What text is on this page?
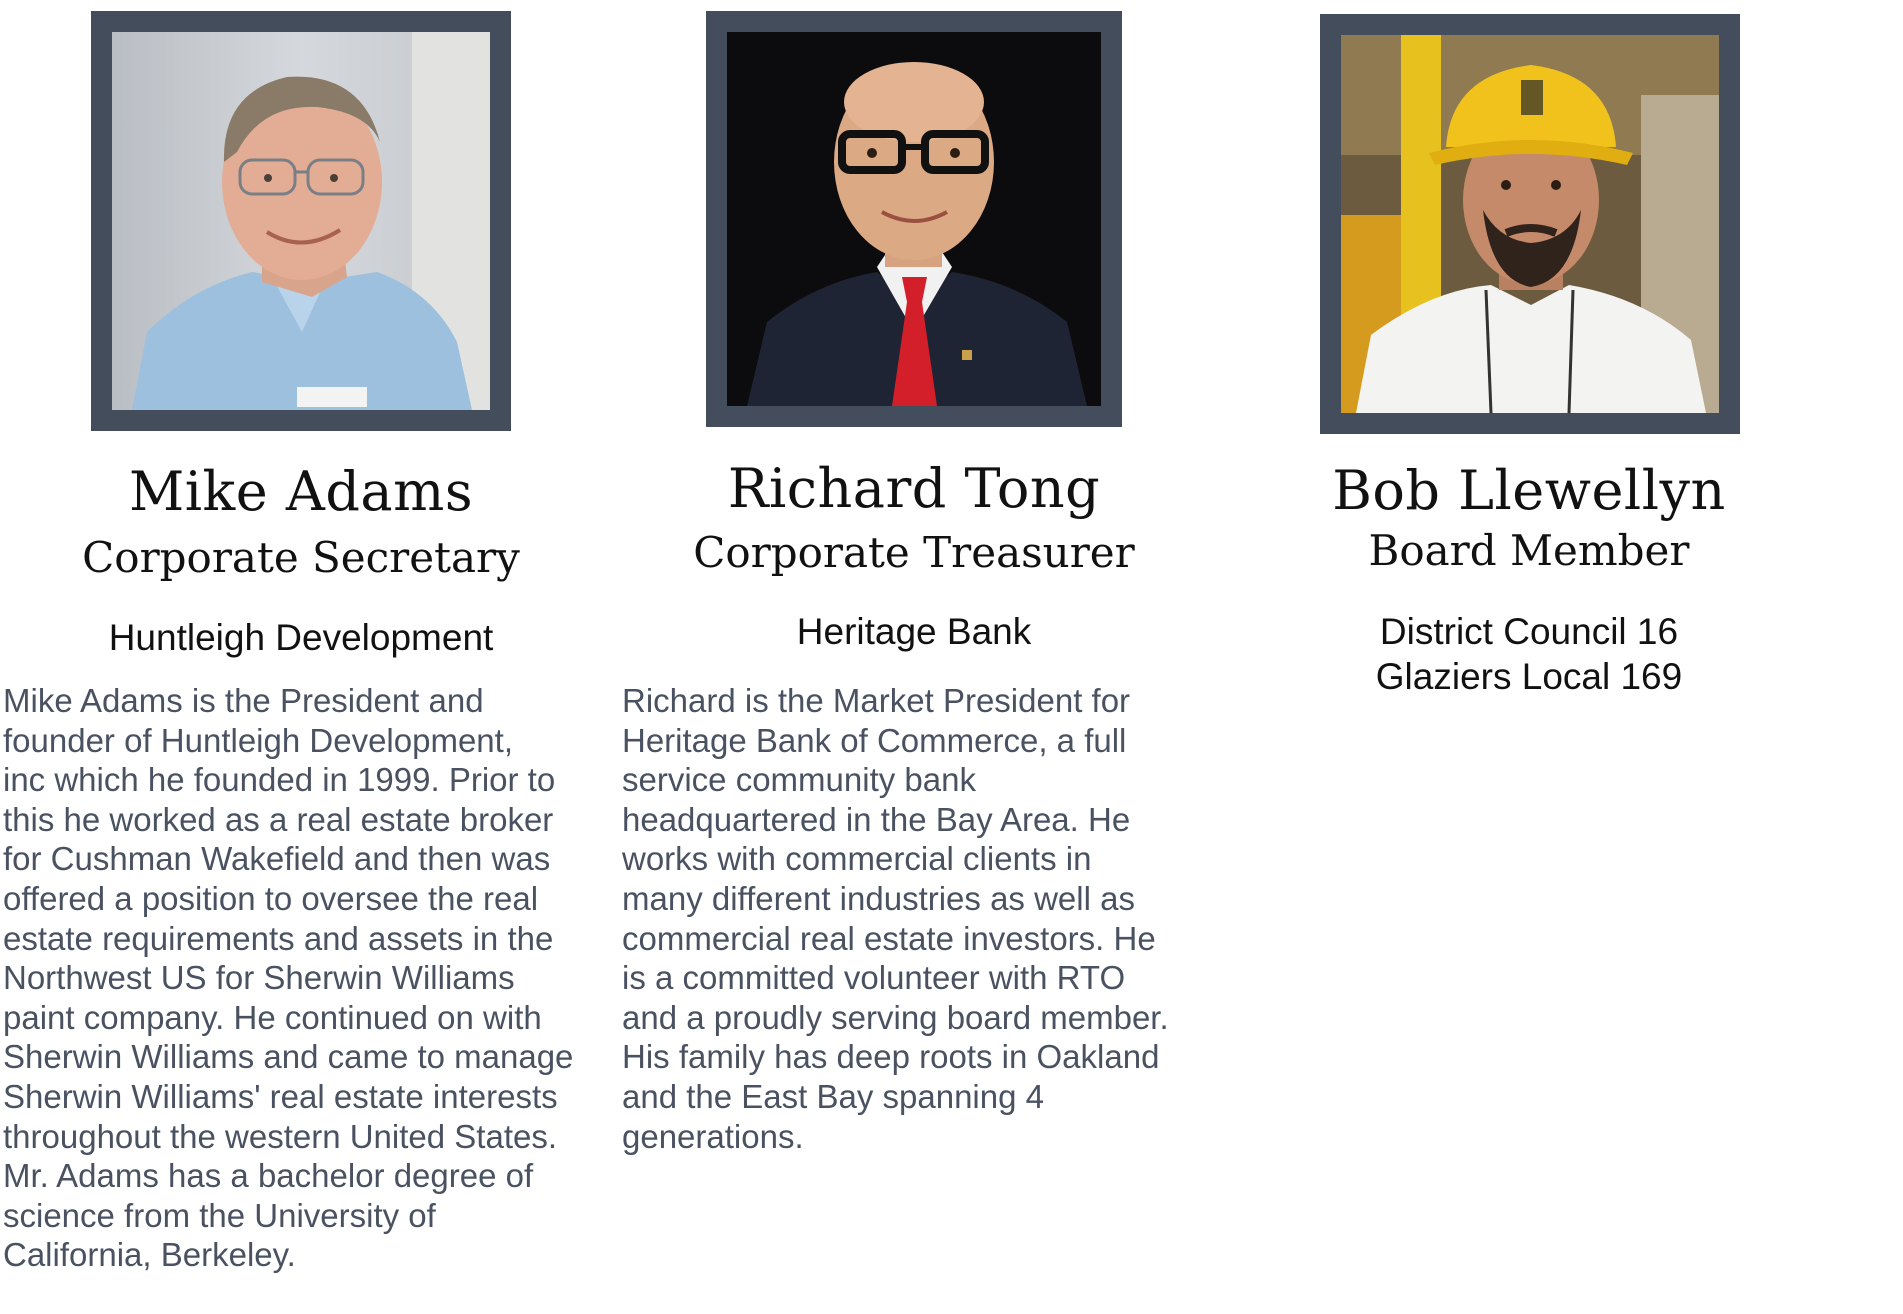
Mike Adams
Corporate Secretary
Huntleigh Development
Mike Adams is the President and
founder of Huntleigh Development,
inc which he founded in 1999. Prior to
this he worked as a real estate broker
for Cushman Wakefield and then was
offered a position to oversee the real
estate requirements and assets in the
Northwest US for Sherwin Williams
paint company. He continued on with
Sherwin Williams and came to manage
Sherwin Williams' real estate interests
throughout the western United States.
Mr. Adams has a bachelor degree of
science from the University of
California, Berkeley.
Richard Tong
Corporate Treasurer
Heritage Bank
Richard is the Market President for
Heritage Bank of Commerce, a full
service community bank
headquartered in the Bay Area. He
works with commercial clients in
many different industries as well as
commercial real estate investors. He
is a committed volunteer with RTO
and a proudly serving board member.
His family has deep roots in Oakland
and the East Bay spanning 4
generations.
Bob Llewellyn
Board Member
District Council 16
Glaziers Local 169
